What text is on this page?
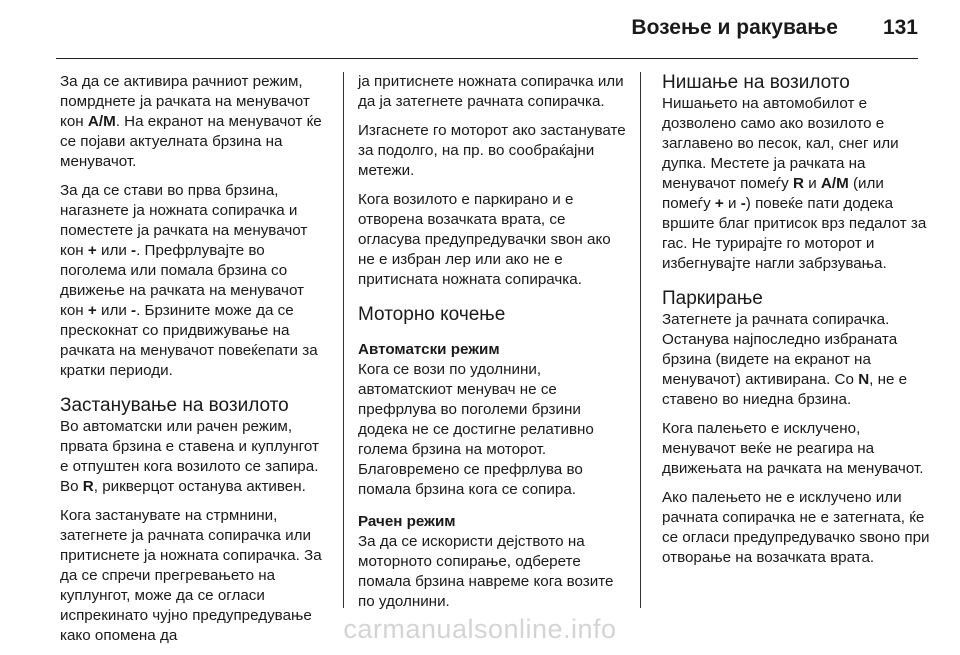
Возење и ракување 131

За да се активира рачниот режим, помрднете ја рачката на менувачот кон A/M. На екранот на менувачот ќе се појави актуелната брзина на менувачот.

За да се стави во прва брзина, нагазнете ја ножната сопирачка и поместете ја рачката на менувачот кон + или -. Префрлувајте во поголема или помала брзина со движење на рачката на менувачот кон + или -. Брзините може да се прескокнат со придвижување на рачката на менувачот повеќепати за кратки периоди.

Застанување на возилото

Во автоматски или рачен режим, првата брзина е ставена и куплунгот е отпуштен кога возилото се запира. Во R, рикверцот останува активен.

Кога застанувате на стрмнини, затегнете ја рачната сопирачка или притиснете ја ножната сопирачка. За да се спречи прегревањето на куплунгот, може да се огласи испрекинато чујно предупредување како опомена да

ја притиснете ножната сопирачка или да ја затегнете рачната сопирачка.

Изгаснете го моторот ако застанувате за подолго, на пр. во сообраќајни метежи.

Кога возилото е паркирано и е отворена возачката врата, се огласува предупредувачки ѕвон ако не е избран лер или ако не е притисната ножната сопирачка.

Моторно кочење
Автоматски режим

Кога се вози по удолнини, автоматскиот менувач не се префрлува во поголеми брзини додека не се достигне релативно голема брзина на моторот. Благовремено се префрлува во помала брзина кога се сопира.

Рачен режим

За да се искористи дејството на моторното сопирање, одберете помала брзина навреме кога возите по удолнини.

Нишање на возилото

Нишањето на автомобилот е дозволено само ако возилото е заглавено во песок, кал, снег или дупка. Местете ја рачката на менувачот помеѓу R и A/M (или помеѓу + и -) повеќе пати додека вршите благ притисок врз педалот за гас. Не турирајте го моторот и избегнувајте нагли забрзувања.

Паркирање

Затегнете ја рачната сопирачка. Останува најпоследно избраната брзина (видете на екранот на менувачот) активирана. Со N, не е ставено во ниедна брзина.

Кога палењето е исклучено, менувачот веќе не реагира на движењата на рачката на менувачот.

Ако палењето не е исклучено или рачната сопирачка не е затегната, ќе се огласи предупредувачко ѕвоно при отворање на возачката врата.

carmanualsonline.info
